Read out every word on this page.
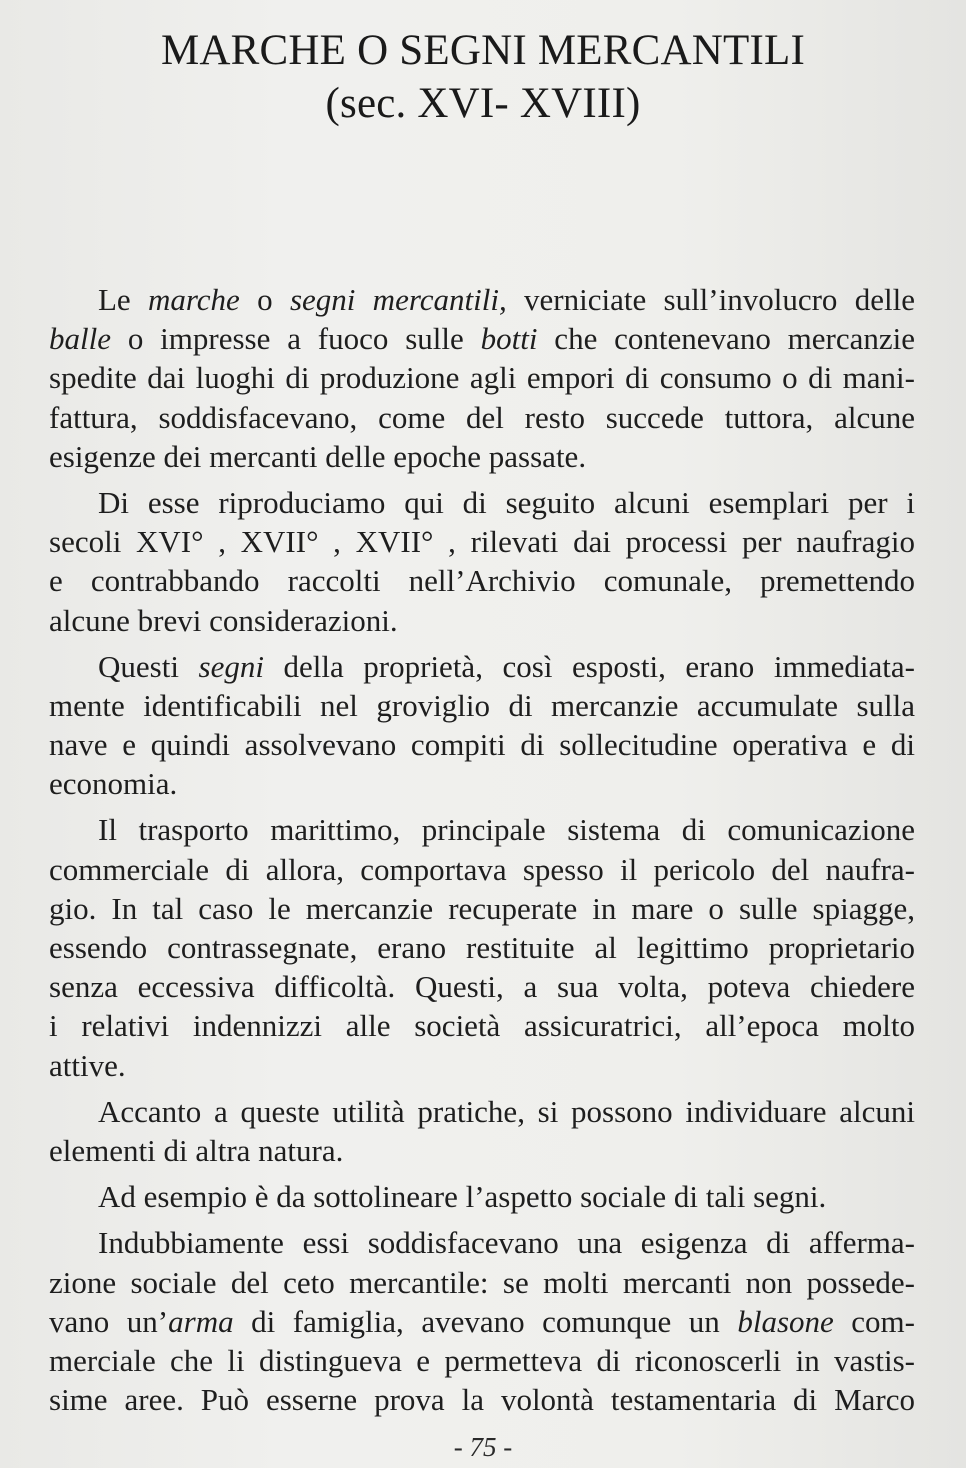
MARCHE O SEGNI MERCANTILI
(sec. XVI- XVIII)
Le marche o segni mercantili, verniciate sull’involucro delle
balle o impresse a fuoco sulle botti che contenevano mercanzie
spedite dai luoghi di produzione agli empori di consumo o di mani-
fattura, soddisfacevano, come del resto succede tuttora, alcune
esigenze dei mercanti delle epoche passate.
Di esse riproduciamo qui di seguito alcuni esemplari per i
secoli XVI° , XVII° , XVII° , rilevati dai processi per naufragio
e contrabbando raccolti nell’Archivio comunale, premettendo
alcune brevi considerazioni.
Questi segni della proprietà, così esposti, erano immediata-
mente identificabili nel groviglio di mercanzie accumulate sulla
nave e quindi assolvevano compiti di sollecitudine operativa e di
economia.
Il trasporto marittimo, principale sistema di comunicazione
commerciale di allora, comportava spesso il pericolo del naufra-
gio. In tal caso le mercanzie recuperate in mare o sulle spiagge,
essendo contrassegnate, erano restituite al legittimo proprietario
senza eccessiva difficoltà. Questi, a sua volta, poteva chiedere
i relativi indennizzi alle società assicuratrici, all’epoca molto
attive.
Accanto a queste utilità pratiche, si possono individuare alcuni
elementi di altra natura.
Ad esempio è da sottolineare l’aspetto sociale di tali segni.
Indubbiamente essi soddisfacevano una esigenza di afferma-
zione sociale del ceto mercantile: se molti mercanti non possede-
vano un’arma di famiglia, avevano comunque un blasone com-
merciale che li distingueva e permetteva di riconoscerli in vastis-
sime aree. Può esserne prova la volontà testamentaria di Marco
- 75 -
